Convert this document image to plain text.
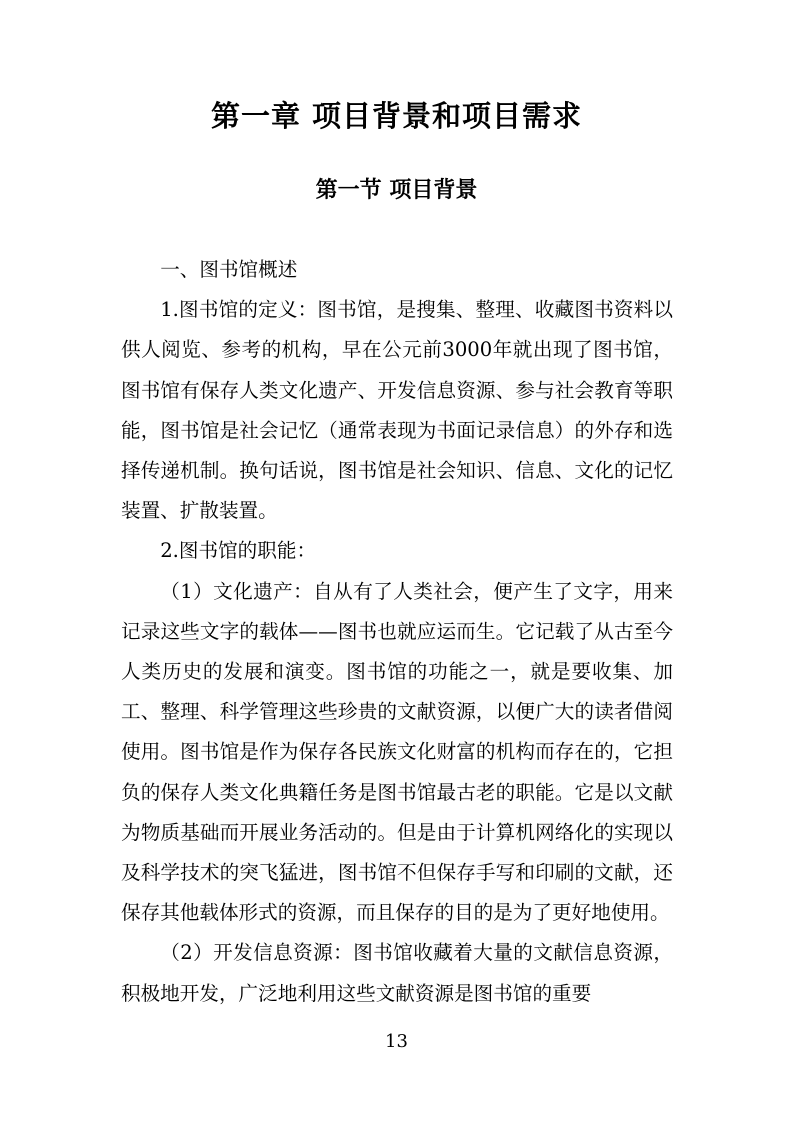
第一章 项目背景和项目需求
第一节 项目背景

一、图书馆概述

1.图书馆的定义：图书馆，是搜集、整理、收藏图书资料以供人阅览、参考的机构，早在公元前3000年就出现了图书馆，图书馆有保存人类文化遗产、开发信息资源、参与社会教育等职能，图书馆是社会记忆（通常表现为书面记录信息）的外存和选择传递机制。换句话说，图书馆是社会知识、信息、文化的记忆装置、扩散装置。

2.图书馆的职能：

（1）文化遗产：自从有了人类社会，便产生了文字，用来记录这些文字的载体——图书也就应运而生。它记载了从古至今人类历史的发展和演变。图书馆的功能之一，就是要收集、加工、整理、科学管理这些珍贵的文献资源，以便广大的读者借阅使用。图书馆是作为保存各民族文化财富的机构而存在的，它担负的保存人类文化典籍任务是图书馆最古老的职能。它是以文献为物质基础而开展业务活动的。但是由于计算机网络化的实现以及科学技术的突飞猛进，图书馆不但保存手写和印刷的文献，还保存其他载体形式的资源，而且保存的目的是为了更好地使用。

（2）开发信息资源：图书馆收藏着大量的文献信息资源，积极地开发，广泛地利用这些文献资源是图书馆的重要

13
